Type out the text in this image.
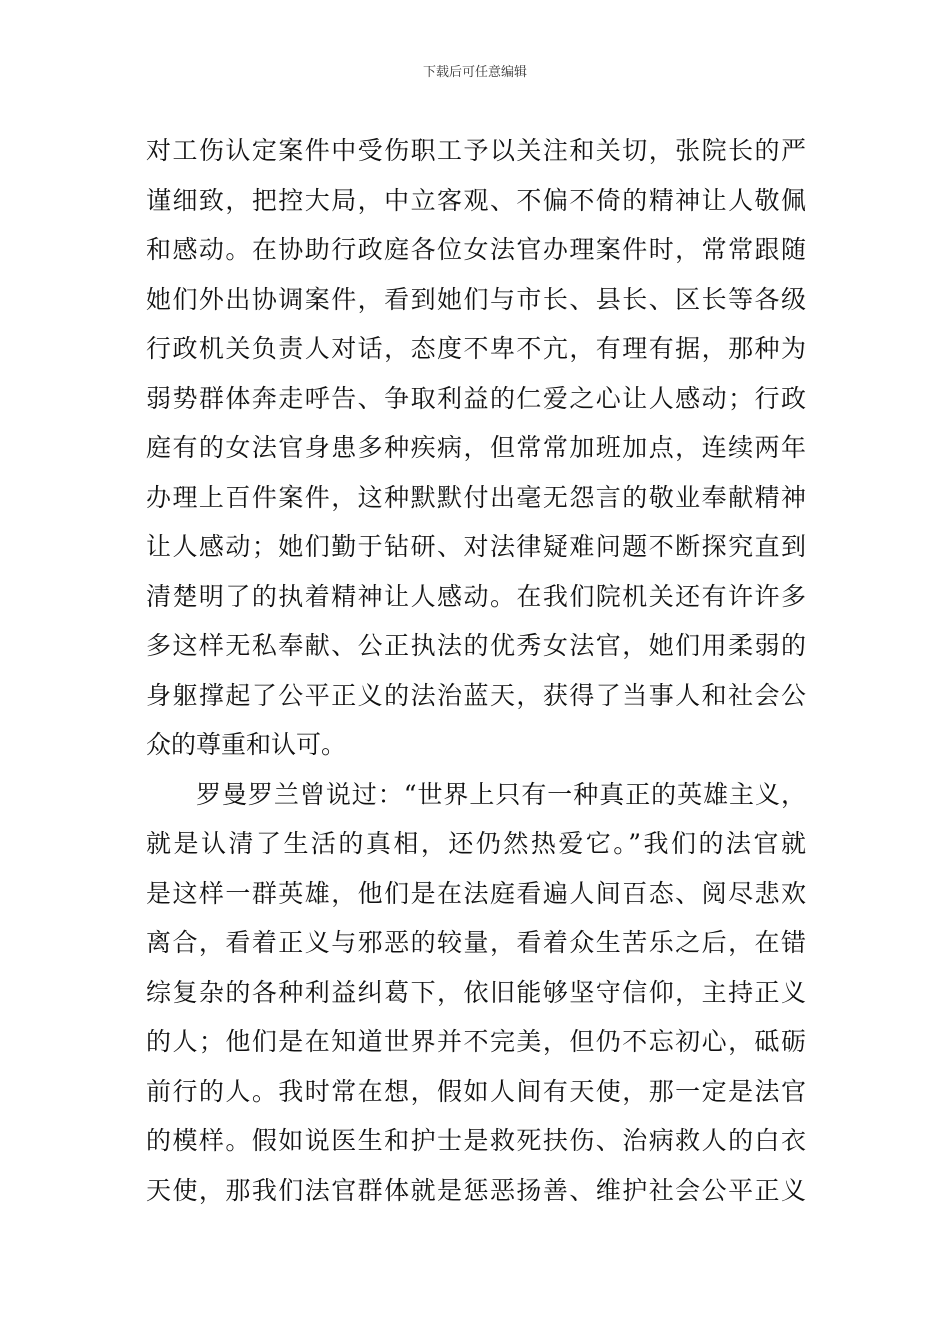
下载后可任意编辑
对工伤认定案件中受伤职工予以关注和关切，张院长的严
谨细致，把控大局，中立客观、不偏不倚的精神让人敬佩
和感动。在协助行政庭各位女法官办理案件时，常常跟随
她们外出协调案件，看到她们与市长、县长、区长等各级
行政机关负责人对话，态度不卑不亢，有理有据，那种为
弱势群体奔走呼告、争取利益的仁爱之心让人感动；行政
庭有的女法官身患多种疾病，但常常加班加点，连续两年
办理上百件案件，这种默默付出毫无怨言的敬业奉献精神
让人感动；她们勤于钻研、对法律疑难问题不断探究直到
清楚明了的执着精神让人感动。在我们院机关还有许许多
多这样无私奉献、公正执法的优秀女法官，她们用柔弱的
身躯撑起了公平正义的法治蓝天，获得了当事人和社会公
众的尊重和认可。
罗曼罗兰曾说过：“世界上只有一种真正的英雄主义，
就是认清了生活的真相，还仍然热爱它。”我们的法官就
是这样一群英雄，他们是在法庭看遍人间百态、阅尽悲欢
离合，看着正义与邪恶的较量，看着众生苦乐之后，在错
综复杂的各种利益纠葛下，依旧能够坚守信仰，主持正义
的人；他们是在知道世界并不完美，但仍不忘初心，砥砺
前行的人。我时常在想，假如人间有天使，那一定是法官
的模样。假如说医生和护士是救死扶伤、治病救人的白衣
天使，那我们法官群体就是惩恶扬善、维护社会公平正义
